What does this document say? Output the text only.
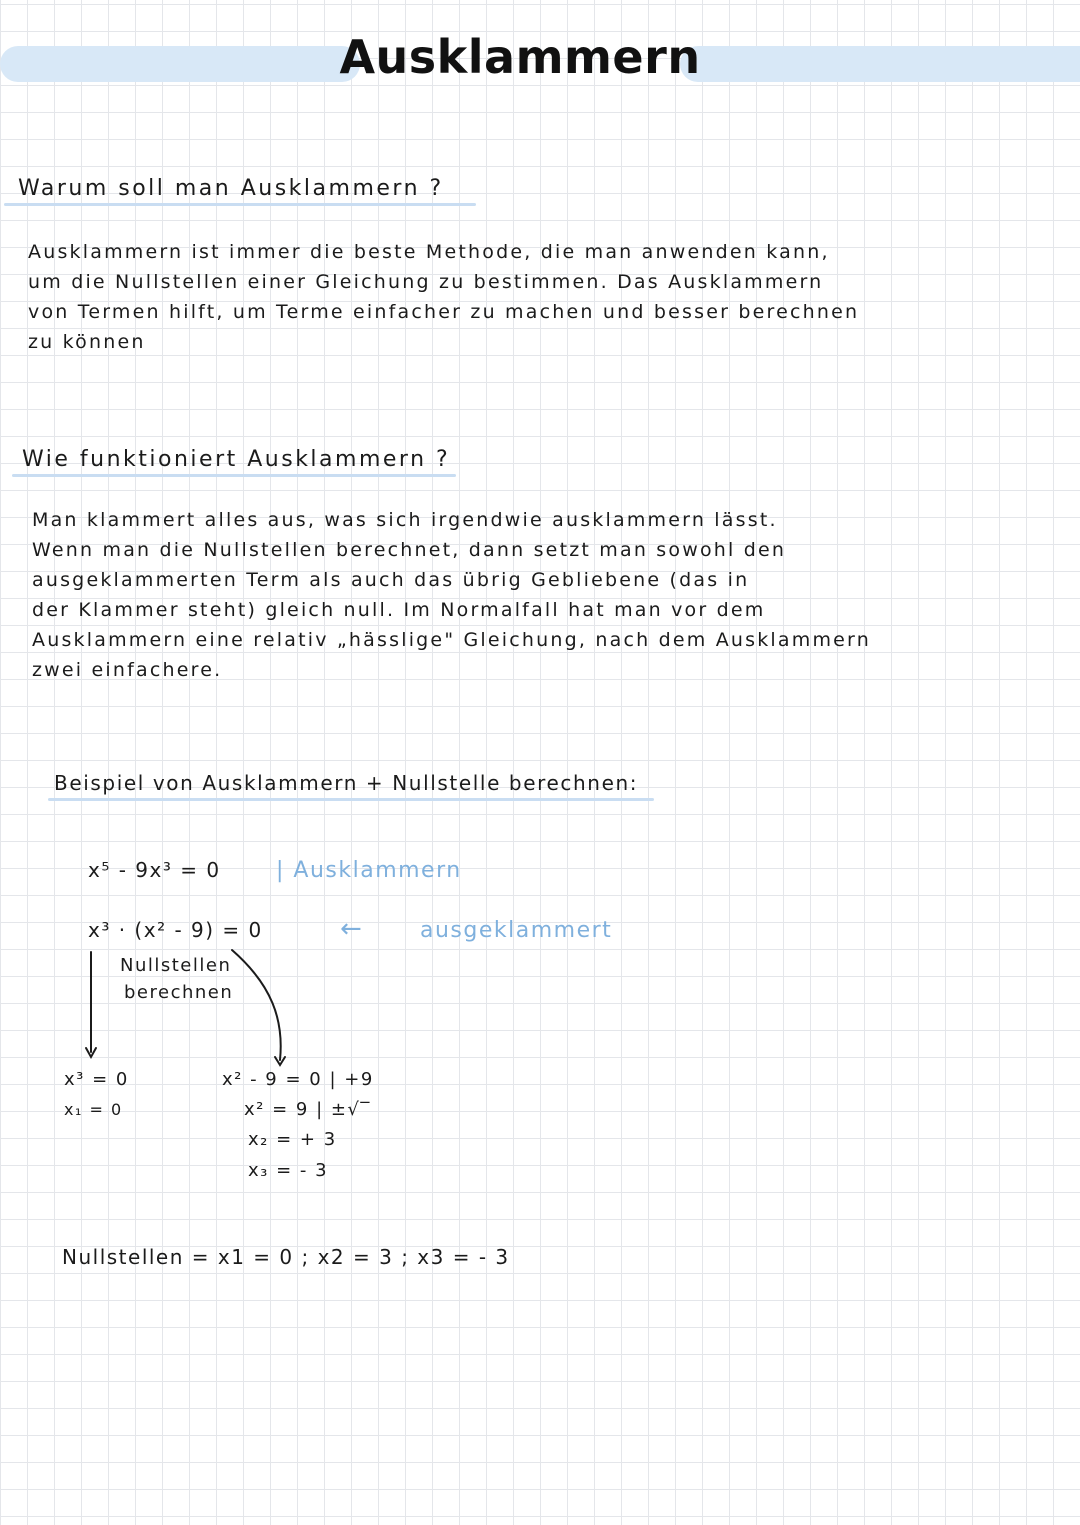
Ausklammern
Warum soll man Ausklammern ?
Ausklammern ist immer die beste Methode, die man anwenden kann,
um die Nullstellen einer Gleichung zu bestimmen. Das Ausklammern
von Termen hilft, um Terme einfacher zu machen und besser berechnen
zu können
Wie funktioniert Ausklammern ?
Man klammert alles aus, was sich irgendwie ausklammern lässt.
Wenn man die Nullstellen berechnet, dann setzt man sowohl den
ausgeklammerten Term als auch das übrig Gebliebene (das in
der Klammer steht) gleich null. Im Normalfall hat man vor dem
Ausklammern eine relativ „hässlige" Gleichung, nach dem Ausklammern
zwei einfachere.
Beispiel von Ausklammern + Nullstelle berechnen:
x⁵ - 9x³ = 0	| Ausklammern
x³ · (x² - 9) = 0	←	ausgeklammert
Nullstellen
berechnen
x³ = 0
x₁ = 0
x² - 9 = 0 | +9
x² = 9 | ±√‾
x₂ = + 3
x₃ = - 3
Nullstellen = x1 = 0 ; x2 = 3 ; x3 = - 3
